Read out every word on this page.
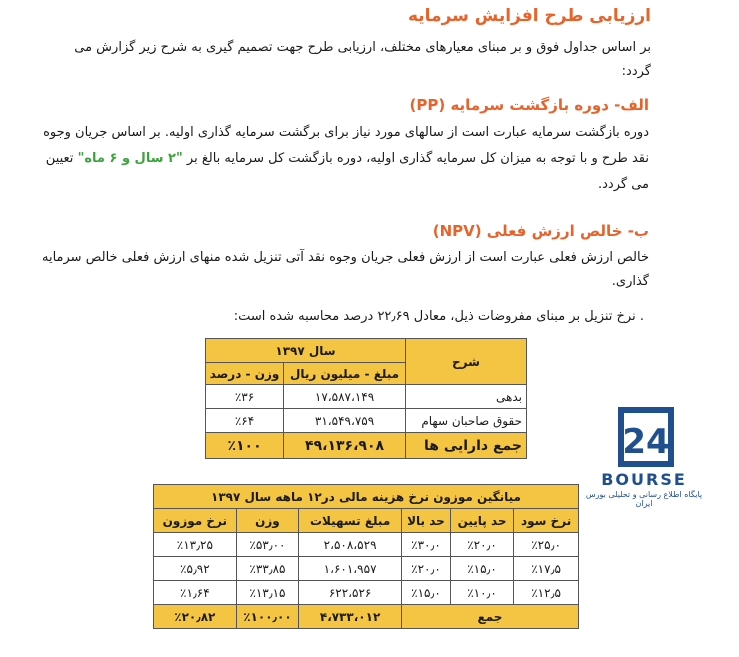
ارزیابی طرح افزایش سرمایه
بر اساس جداول فوق و بر مبنای معیارهای مختلف، ارزیابی طرح جهت تصمیم گیری به شرح زیر گزارش می گردد:
الف- دوره بازگشت سرمایه (PP)
دوره بازگشت سرمایه عبارت است از سالهای مورد نیاز برای برگشت سرمایه گذاری اولیه. بر اساس جریان وجوه نقد طرح و با توجه به میزان کل سرمایه گذاری اولیه، دوره بازگشت کل سرمایه بالغ بر "۲ سال و ۶ ماه" تعیین می گردد.
ب- خالص ارزش فعلی (NPV)
خالص ارزش فعلی عبارت است از ارزش فعلی جریان وجوه نقد آتی تنزیل شده منهای ارزش فعلی خالص سرمایه گذاری.
. نرخ تنزیل بر مبنای مفروضات ذیل، معادل ۲۲٫۶۹ درصد محاسبه شده است:
شرح	سال ۱۳۹۷	
	مبلغ - میلیون ریال	وزن - درصد
بدهی	۱۷،۵۸۷،۱۴۹	٪۳۶
حقوق صاحبان سهام	۳۱،۵۴۹،۷۵۹	٪۶۴
جمع دارایی ها	۴۹،۱۳۶،۹۰۸	٪۱۰۰	24
BOURSE
پایگاه اطلاع رسانی و تحلیلی بورس ایران
میانگین موزون نرخ هزینه مالی در۱۲ ماهه سال ۱۳۹۷					
نرخ سود	حد پایین	حد بالا	مبلغ تسهیلات	وزن	نرخ موزون
٪۲۵٫۰	٪۲۰٫۰	٪۳۰٫۰	۲،۵۰۸،۵۲۹	٪۵۳٫۰۰	٪۱۳٫۲۵
٪۱۷٫۵	٪۱۵٫۰	٪۲۰٫۰	۱،۶۰۱،۹۵۷	٪۳۳٫۸۵	٪۵٫۹۲
٪۱۲٫۵	٪۱۰٫۰	٪۱۵٫۰	۶۲۲،۵۲۶	٪۱۳٫۱۵	٪۱٫۶۴
جمع			۴،۷۳۳،۰۱۲	٪۱۰۰٫۰۰	٪۲۰٫۸۲
